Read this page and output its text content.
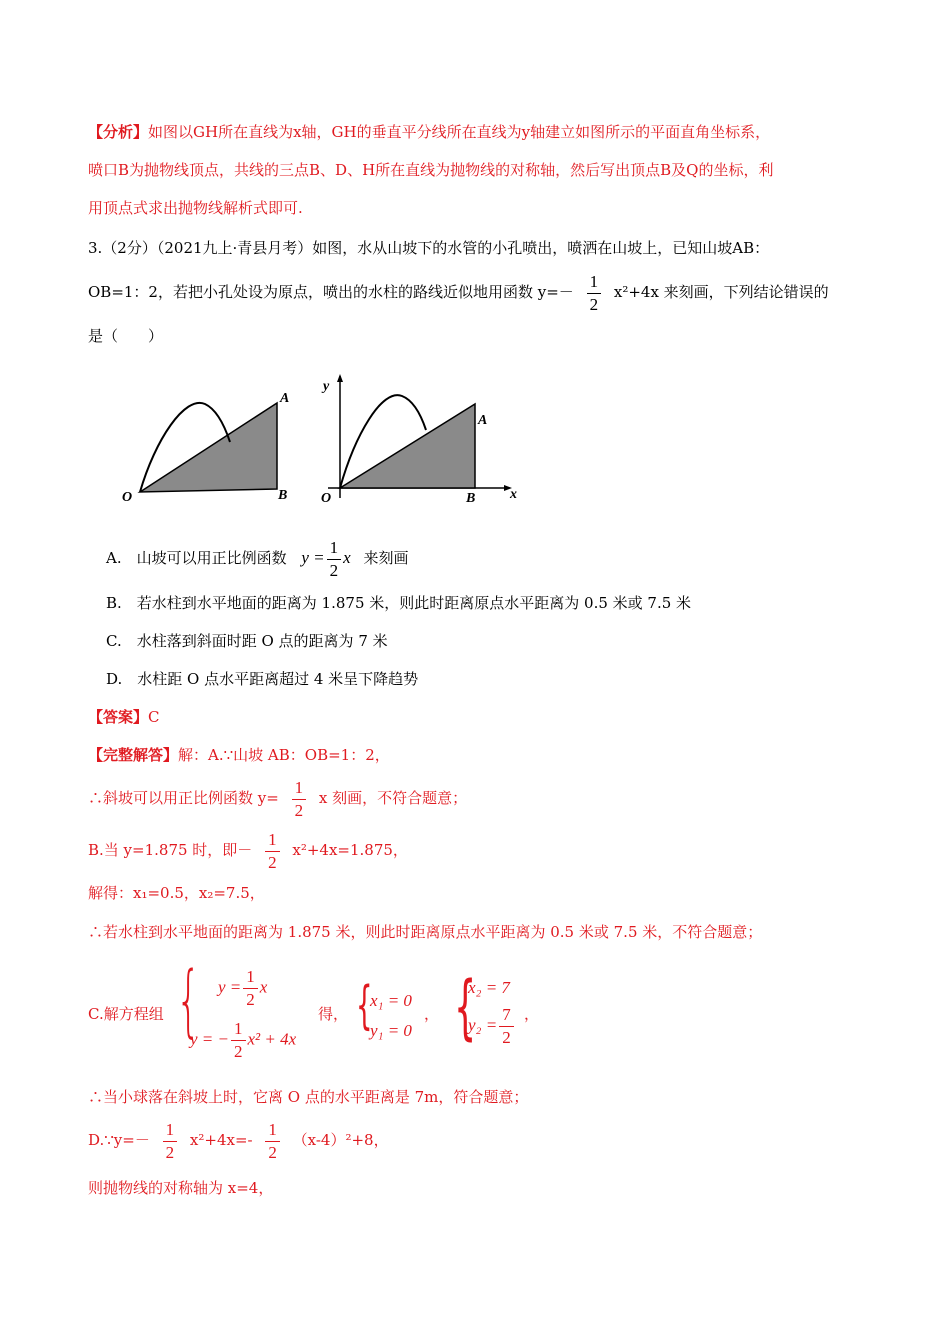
【分析】如图以GH所在直线为x轴，GH的垂直平分线所在直线为y轴建立如图所示的平面直角坐标系，
喷口B为抛物线顶点，共线的三点B、D、H所在直线为抛物线的对称轴，然后写出顶点B及Q的坐标，利
用顶点式求出抛物线解析式即可.
3.（2分）（2021九上·青县月考）如图，水从山坡下的水管的小孔喷出，喷洒在山坡上，已知山坡AB：
OB=1：2，若把小孔处设为原点，喷出的水柱的路线近似地用函数 $y=- \frac{1}{2} x^2+4x$ 来刻画，下列结论错误的
是（　　）
O
A
B
y
O
A
B x
A.　山坡可以用正比例函数 $y = \frac{1}{2}$ x 来刻画
B.　若水柱到水平地面的距离为 1.875 米，则此时距离原点水平距离为 0.5 米或 7.5 米
C.　水柱落到斜面时距 O 点的距离为 7 米
D.　水柱距 O 点水平距离超过 4 米呈下降趋势
【答案】C
【完整解答】解：A.∵山坡 AB：OB=1：2，
∴斜坡可以用正比例函数 $y= \frac{1}{2}$ x 刻画，不符合题意；
B.当 y=1.875 时，即－ $\frac{1}{2} x^2+4x=1.875$，
解得：x₁=0.5，x₂=7.5，
∴若水柱到水平地面的距离为 1.875 米，则此时距离原点水平距离为 0.5 米或 7.5 米，不符合题意；
C.解方程组 { $y = \frac{1}{2}$ x
y = − $\frac{1}{2} x^2 + 4x$
得， {
x₁ = 0
y₁ = 0
， {
x₂ = 7
$y_2 = \frac{7}{2}$ ，
∴当小球落在斜坡上时，它离 O 点的水平距离是 7m，符合题意；
D.∵y=－ $\frac{1}{2} x^2+4x=- \frac{1}{2} (x-4)^2+8$，
则抛物线的对称轴为 x=4，
